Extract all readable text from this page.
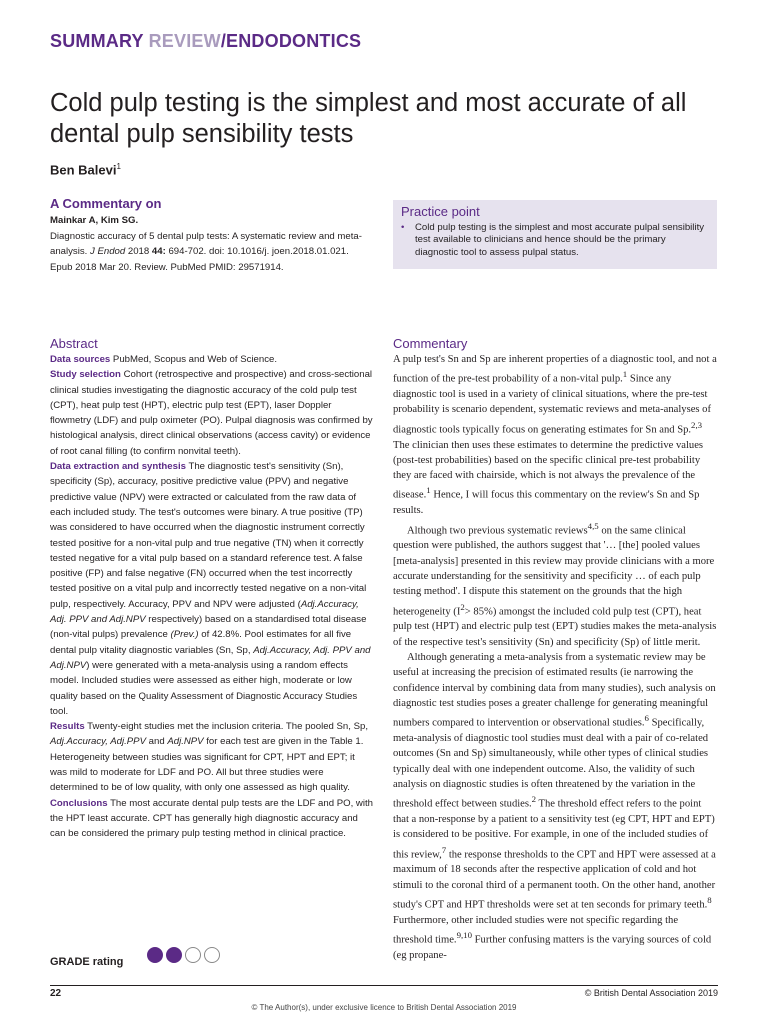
SUMMARY REVIEW/ENDODONTICS
Cold pulp testing is the simplest and most accurate of all dental pulp sensibility tests
Ben Balevi$^1$
A Commentary on
Mainkar A, Kim SG.
Diagnostic accuracy of 5 dental pulp tests: A systematic review and meta-analysis. J Endod 2018 44: 694-702. doi: 10.1016/j. joen.2018.01.021. Epub 2018 Mar 20. Review. PubMed PMID: 29571914.
Practice point
•	Cold pulp testing is the simplest and most accurate pulpal sensibility test available to clinicians and hence should be the primary diagnostic tool to assess pulpal status.
Abstract

Data sources PubMed, Scopus and Web of Science.

Study selection Cohort (retrospective and prospective) and cross-sectional clinical studies investigating the diagnostic accuracy of the cold pulp test (CPT), heat pulp test (HPT), electric pulp test (EPT), laser Doppler flowmetry (LDF) and pulp oximeter (PO). Pulpal diagnosis was confirmed by histological analysis, direct clinical observations (access cavity) or evidence of root canal filling (to confirm nonvital teeth).

Data extraction and synthesis The diagnostic test's sensitivity (Sn), specificity (Sp), accuracy, positive predictive value (PPV) and negative predictive value (NPV) were extracted or calculated from the raw data of each included study. The test's outcomes were binary. A true positive (TP) was considered to have occurred when the diagnostic instrument correctly tested positive for a non-vital pulp and true negative (TN) when it correctly tested negative for a vital pulp based on a standard reference test. A false positive (FP) and false negative (FN) occurred when the test incorrectly tested positive on a vital pulp and incorrectly tested negative on a non-vital pulp, respectively. Accuracy, PPV and NPV were adjusted (Adj.Accuracy, Adj. PPV and Adj.NPV respectively) based on a standardised total disease (non-vital pulps) prevalence (Prev.) of 42.8%. Pool estimates for all five dental pulp vitality diagnostic variables (Sn, Sp, Adj.Accuracy, Adj. PPV and Adj.NPV) were generated with a meta-analysis using a random effects model. Included studies were assessed as either high, moderate or low quality based on the Quality Assessment of Diagnostic Accuracy Studies tool.

Results Twenty-eight studies met the inclusion criteria. The pooled Sn, Sp, Adj.Accuracy, Adj.PPV and Adj.NPV for each test are given in the Table 1. Heterogeneity between studies was significant for CPT, HPT and EPT; it was mild to moderate for LDF and PO. All but three studies were determined to be of low quality, with only one assessed as high quality.

Conclusions The most accurate dental pulp tests are the LDF and PO, with the HPT least accurate. CPT has generally high diagnostic accuracy and can be considered the primary pulp testing method in clinical practice.

Commentary

A pulp test's Sn and Sp are inherent properties of a diagnostic tool, and not a function of the pre-test probability of a non-vital pulp.$^1$ Since any diagnostic tool is used in a variety of clinical situations, where the pre-test probability is scenario dependent, systematic reviews and meta-analyses of diagnostic tools typically focus on generating estimates for Sn and Sp.$^{2,3}$ The clinician then uses these estimates to determine the predictive values (post-test probabilities) based on the specific clinical pre-test probability they are faced with chairside, which is not always the prevalence of the disease.$^1$ Hence, I will focus this commentary on the review's Sn and Sp results.

Although two previous systematic reviews$^{4,5}$ on the same clinical question were published, the authors suggest that '… [the] pooled values [meta-analysis] presented in this review may provide clinicians with a more accurate understanding for the sensitivity and specificity … of each pulp testing method'. I dispute this statement on the grounds that the high heterogeneity $(I^2> 85\%)$ amongst the included cold pulp test (CPT), heat pulp test (HPT) and electric pulp test (EPT) studies makes the meta-analysis of the respective test's sensitivity (Sn) and specificity (Sp) of little merit.

Although generating a meta-analysis from a systematic review may be useful at increasing the precision of estimated results (ie narrowing the confidence interval by combining data from many studies), such analysis on diagnostic test studies poses a greater challenge for generating meaningful numbers compared to intervention or observational studies.$^6$ Specifically, meta-analysis of diagnostic tool studies must deal with a pair of co-related outcomes (Sn and Sp) simultaneously, while other types of clinical studies typically deal with one independent outcome. Also, the validity of such analysis on diagnostic studies is often threatened by the variation in the threshold effect between studies.$^2$ The threshold effect refers to the point that a non-response by a patient to a sensitivity test (eg CPT, HPT and EPT) is considered to be positive. For example, in one of the included studies of this review,$^7$ the response thresholds to the CPT and HPT were assessed at a maximum of 18 seconds after the respective application of cold and hot stimuli to the coronal third of a permanent tooth. On the other hand, another study's CPT and HPT thresholds were set at ten seconds for primary teeth.$^8$ Furthermore, other included studies were not specific regarding the threshold time.$^{9,10}$ Further confusing matters is the varying sources of cold (eg propane-

GRADE rating
22	© British Dental Association 2019
© The Author(s), under exclusive licence to British Dental Association 2019
